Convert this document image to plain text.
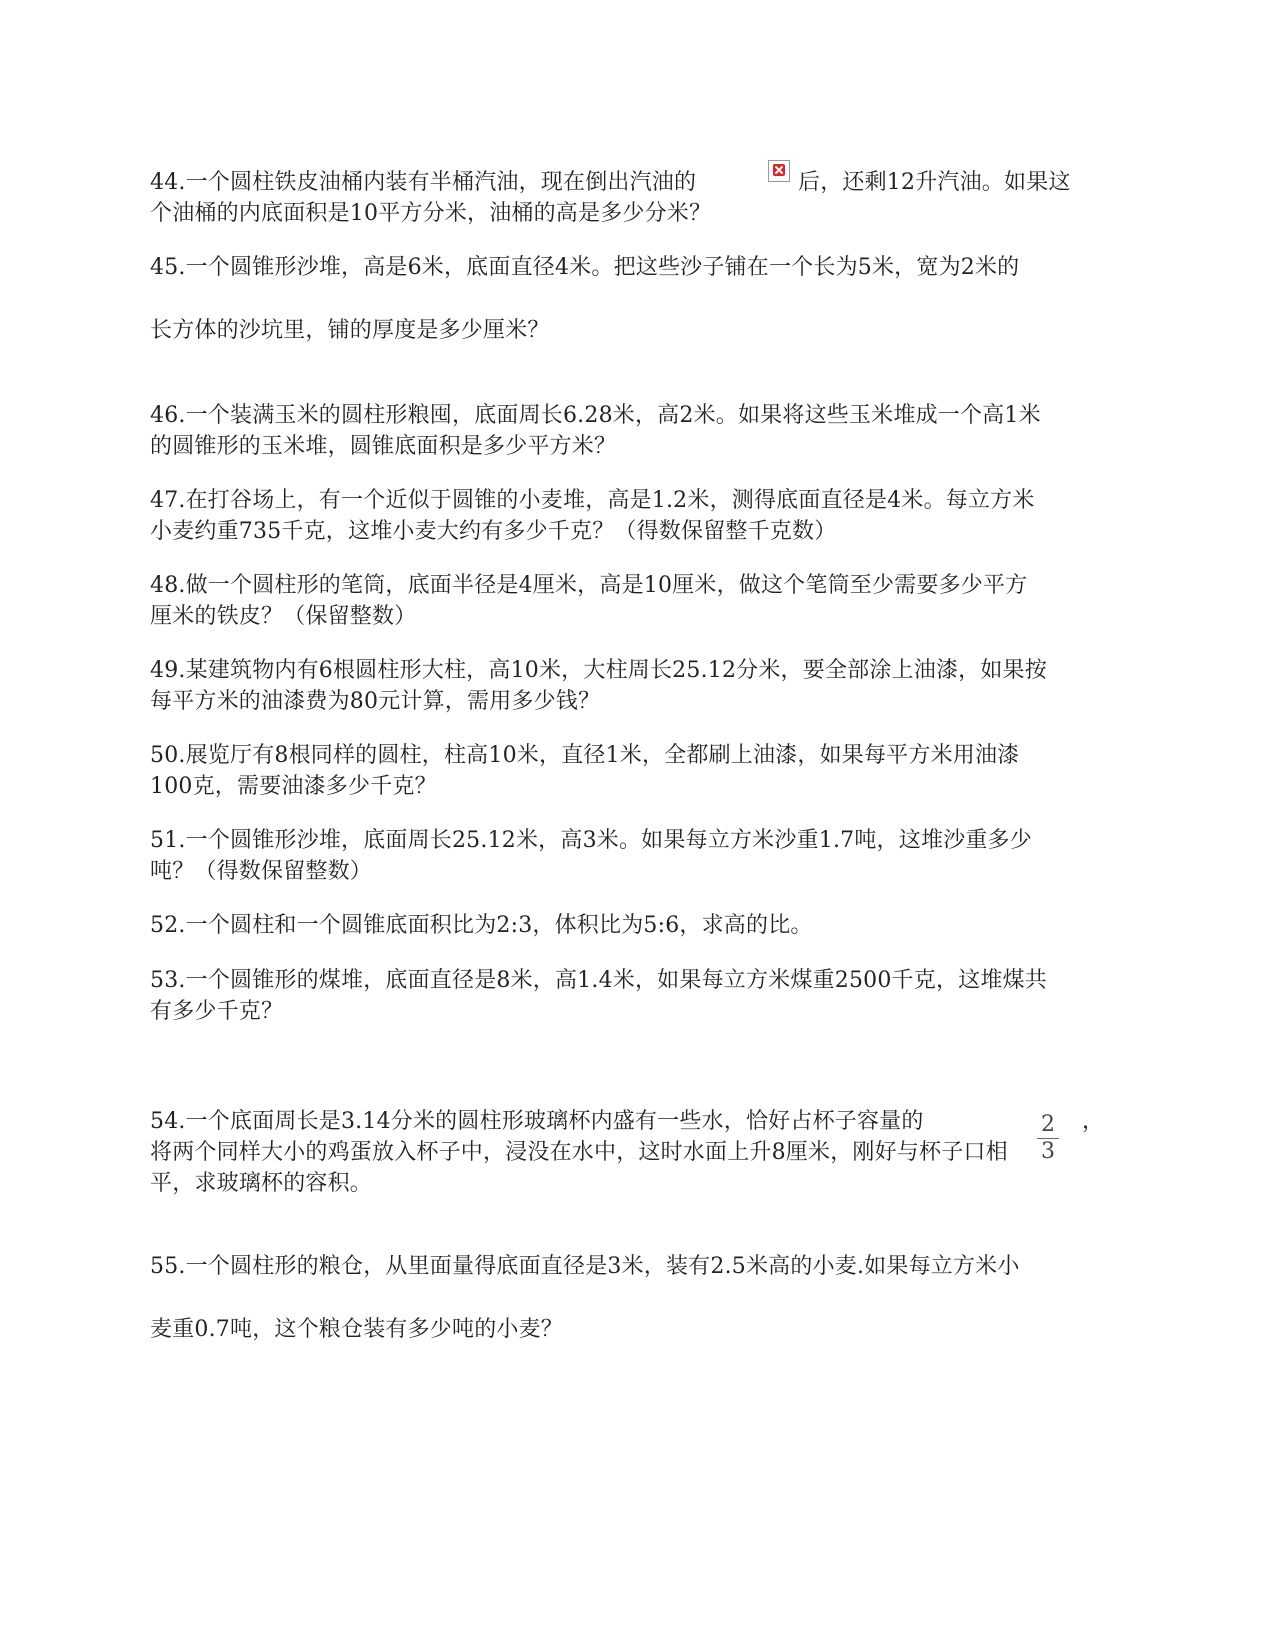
44.一个圆柱铁皮油桶内装有半桶汽油，现在倒出汽油的	后，还剩12升汽油。如果这
个油桶的内底面积是10平方分米，油桶的高是多少分米？
45.一个圆锥形沙堆，高是6米，底面直径4米。把这些沙子铺在一个长为5米，宽为2米的
长方体的沙坑里，铺的厚度是多少厘米？
46.一个装满玉米的圆柱形粮囤，底面周长6.28米，高2米。如果将这些玉米堆成一个高1米
的圆锥形的玉米堆，圆锥底面积是多少平方米？
47.在打谷场上，有一个近似于圆锥的小麦堆，高是1.2米，测得底面直径是4米。每立方米
小麦约重735千克，这堆小麦大约有多少千克？（得数保留整千克数）
48.做一个圆柱形的笔筒，底面半径是4厘米，高是10厘米，做这个笔筒至少需要多少平方
厘米的铁皮？（保留整数）
49.某建筑物内有6根圆柱形大柱，高10米，大柱周长25.12分米，要全部涂上油漆，如果按
每平方米的油漆费为80元计算，需用多少钱？
50.展览厅有8根同样的圆柱，柱高10米，直径1米，全都刷上油漆，如果每平方米用油漆
100克，需要油漆多少千克？
51.一个圆锥形沙堆，底面周长25.12米，高3米。如果每立方米沙重1.7吨，这堆沙重多少
吨？（得数保留整数）
52.一个圆柱和一个圆锥底面积比为2:3，体积比为5:6，求高的比。
53.一个圆锥形的煤堆，底面直径是8米，高1.4米，如果每立方米煤重2500千克，这堆煤共
有多少千克？
2
3
54.一个底面周长是3.14分米的圆柱形玻璃杯内盛有一些水，恰好占杯子容量的	，
将两个同样大小的鸡蛋放入杯子中，浸没在水中，这时水面上升8厘米，刚好与杯子口相
平，求玻璃杯的容积。
55.一个圆柱形的粮仓，从里面量得底面直径是3米，装有2.5米高的小麦.如果每立方米小
麦重0.7吨，这个粮仓装有多少吨的小麦？
